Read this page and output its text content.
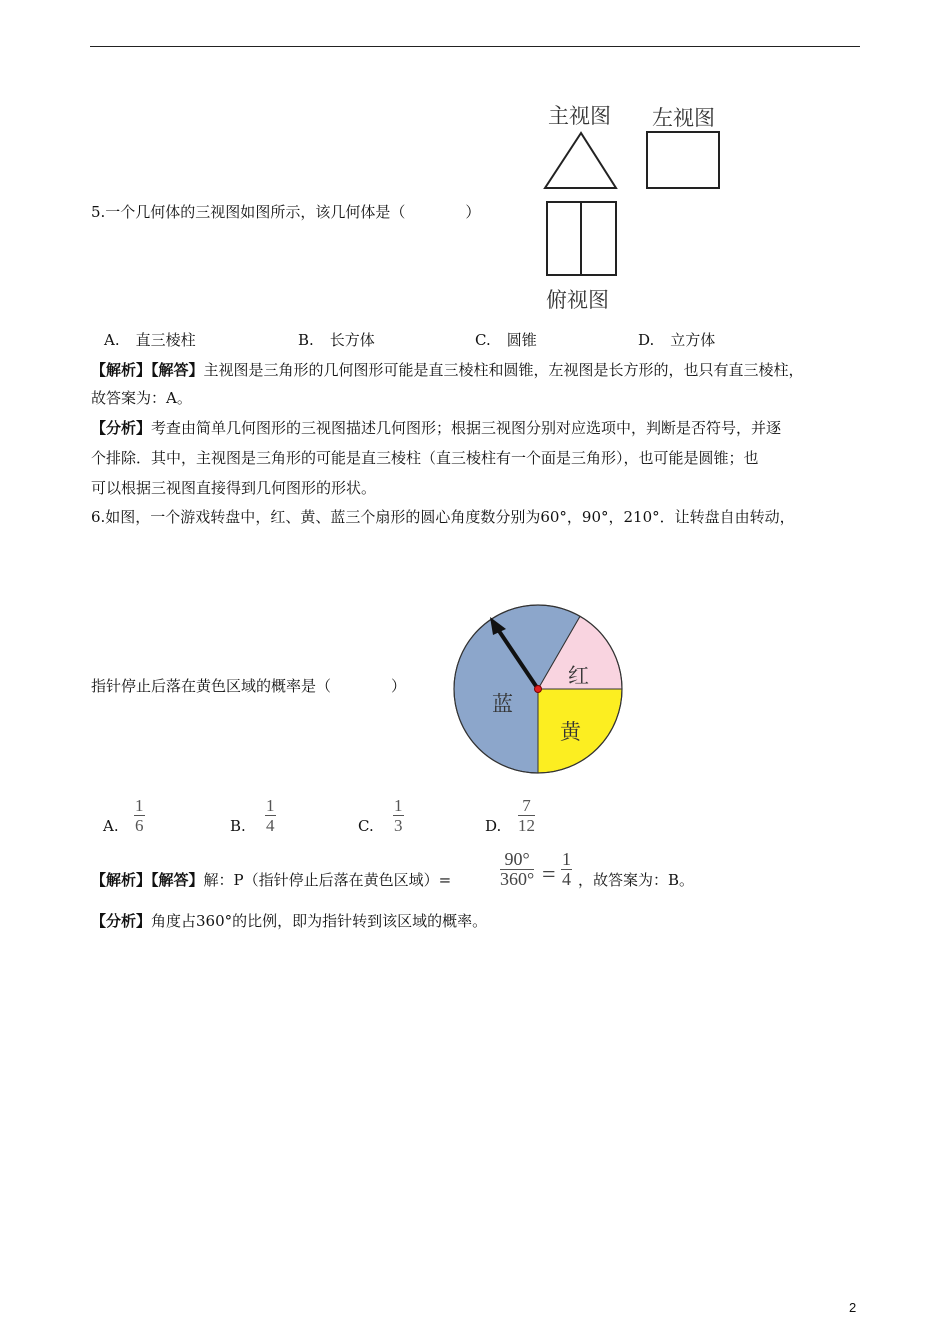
主视图 左视图
俯视图
5.一个几何体的三视图如图所示，该几何体是（　　　　）
A. 直三棱柱	B. 长方体	C. 圆锥	D. 立方体
【解析】【解答】主视图是三角形的几何图形可能是直三棱柱和圆锥，左视图是长方形的，也只有直三棱柱，
故答案为：A。
【分析】考查由简单几何图形的三视图描述几何图形；根据三视图分别对应选项中，判断是否符号，并逐
个排除．其中，主视图是三角形的可能是直三棱柱（直三棱柱有一个面是三角形），也可能是圆锥；也
可以根据三视图直接得到几何图形的形状。
6.如图，一个游戏转盘中，红、黄、蓝三个扇形的圆心角度数分别为60°，90°，210°．让转盘自由转动，
红
黄
蓝
指针停止后落在黄色区域的概率是（　　　　）
A.
1
6	B.
1
4	C.
1
3	D.
7
12
【解析】【解答】解：P（指针停止后落在黄色区域）=
90°
360° =
1
4 ，故答案为：B。
【分析】角度占360°的比例，即为指针转到该区域的概率。
2
